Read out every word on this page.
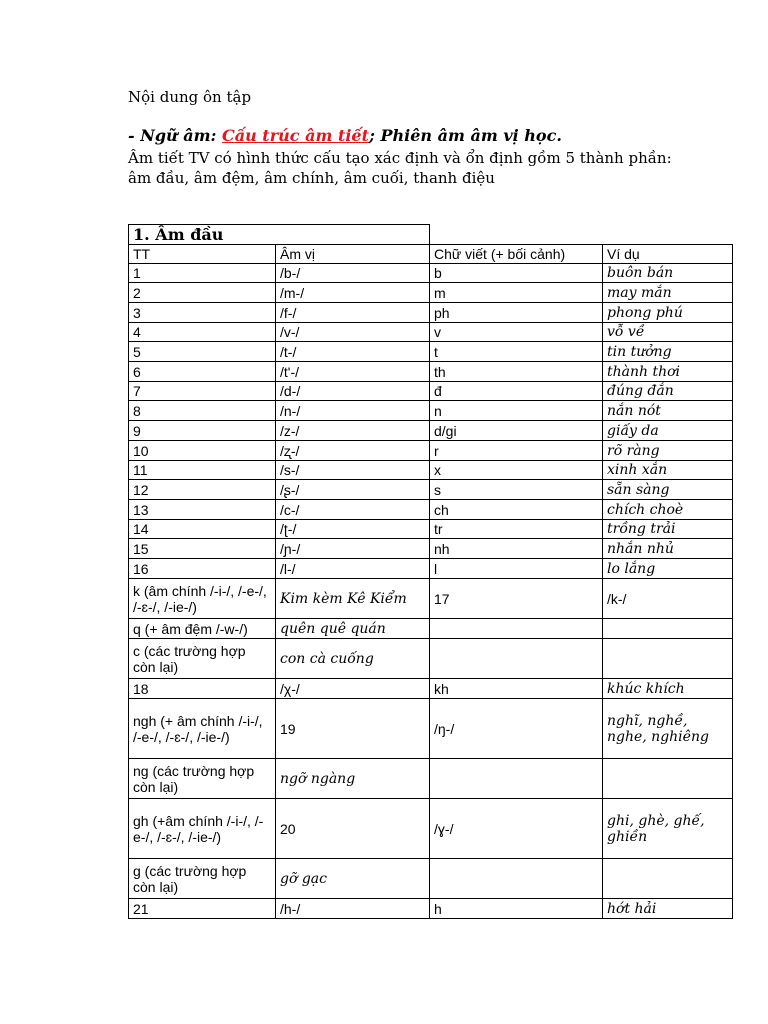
Nội dung ôn tập
- Ngữ âm: Cấu trúc âm tiết; Phiên âm âm vị học.
Âm tiết TV có hình thức cấu tạo xác định và ổn định gồm 5 thành phần: âm đầu, âm đệm, âm chính, âm cuối, thanh điệu
1. Âm đầu			
TT	Âm vị	Chữ viết (+ bối cảnh)	Ví dụ
1	/b-/	b	buôn bán
2	/m-/	m	may mắn
3	/f-/	ph	phong phú
4	/v-/	v	vỗ về
5	/t-/	t	tin tưởng
6	/t'-/	th	thành thơi
7	/d-/	đ	đúng đắn
8	/n-/	n	nắn nót
9	/z-/	d/gi	giấy da
10	/ʐ-/	r	rõ ràng
11	/s-/	x	xinh xắn
12	/ʂ-/	s	sẵn sàng
13	/c-/	ch	chích choè
14	/ʈ-/	tr	trồng trải
15	/ɲ-/	nh	nhắn nhủ
16	/l-/	l	lo lắng
k (âm chính /-i-/, /-e-/, /-ɛ-/, /-ie-/)	Kim kèm Kê Kiểm	17	/k-/
q (+ âm đệm /-w-/)	quên quê quán		
c (các trường hợp còn lại)	con cà cuống		
18	/χ-/	kh	khúc khích
ngh (+ âm chính /-i-/, /-e-/, /-ɛ-/, /-ie-/)	19	/ŋ-/	nghĩ, nghề, nghe, nghiêng
ng (các trường hợp còn lại)	ngỡ ngàng		
gh (+âm chính /-i-/, /-e-/, /-ɛ-/, /-ie-/)	20	/ɣ-/	ghi, ghè, ghế, ghiền
g (các trường hợp còn lại)	gỡ gạc		
21	/h-/	h	hớt hải
